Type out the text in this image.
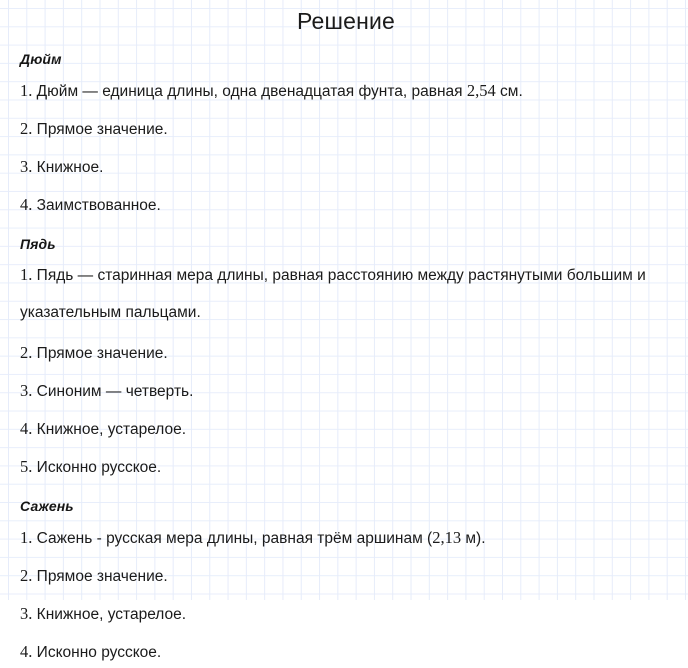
Решение
Дюйм
1. Дюйм — единица длины, одна двенадцатая фунта, равная 2,54 см.
2. Прямое значение.
3. Книжное.
4. Заимствованное.
Пядь
1. Пядь — старинная мера длины, равная расстоянию между растянутыми большим и указательным пальцами.
2. Прямое значение.
3. Синоним — четверть.
4. Книжное, устарелое.
5. Исконно русское.
Сажень
1. Сажень - русская мера длины, равная трём аршинам (2,13 м).
2. Прямое значение.
3. Книжное, устарелое.
4. Исконно русское.
